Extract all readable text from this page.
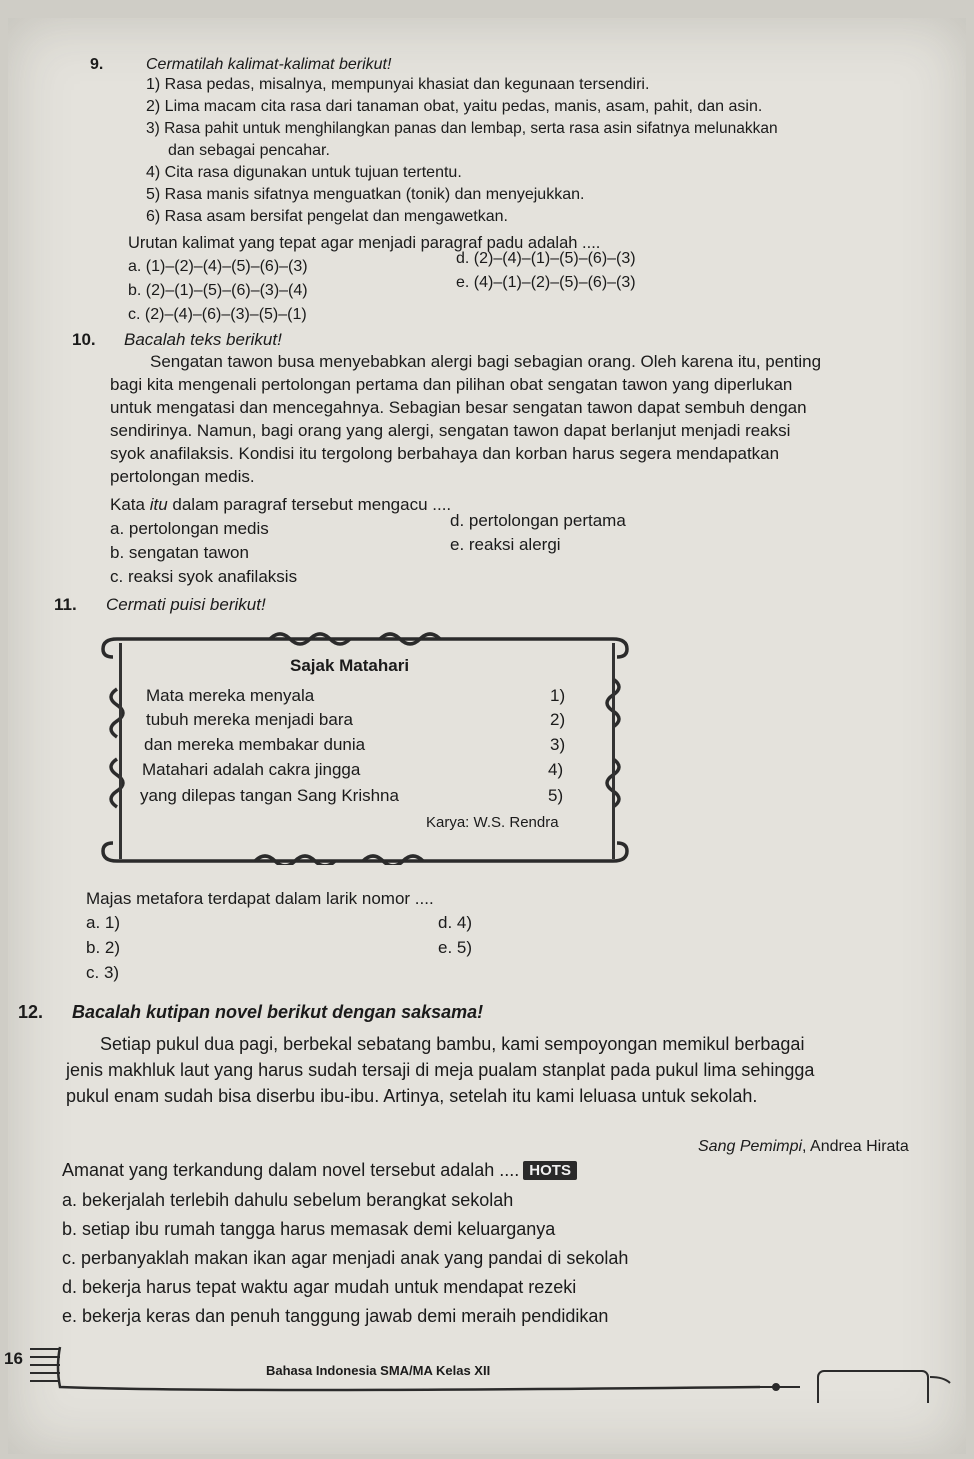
9.	Cermatilah kalimat-kalimat berikut!
1) Rasa pedas, misalnya, mempunyai khasiat dan kegunaan tersendiri.
2) Lima macam cita rasa dari tanaman obat, yaitu pedas, manis, asam, pahit, dan asin.
3) Rasa pahit untuk menghilangkan panas dan lembap, serta rasa asin sifatnya melunakkan
dan sebagai pencahar.
4) Cita rasa digunakan untuk tujuan tertentu.
5) Rasa manis sifatnya menguatkan (tonik) dan menyejukkan.
6) Rasa asam bersifat pengelat dan mengawetkan.
Urutan kalimat yang tepat agar menjadi paragraf padu adalah ....
a. (1)–(2)–(4)–(5)–(6)–(3)
b. (2)–(1)–(5)–(6)–(3)–(4)
c. (2)–(4)–(6)–(3)–(5)–(1)
d. (2)–(4)–(1)–(5)–(6)–(3)
e. (4)–(1)–(2)–(5)–(6)–(3)
10. Bacalah teks berikut!
Sengatan tawon busa menyebabkan alergi bagi sebagian orang. Oleh karena itu, penting
bagi kita mengenali pertolongan pertama dan pilihan obat sengatan tawon yang diperlukan
untuk mengatasi dan mencegahnya. Sebagian besar sengatan tawon dapat sembuh dengan
sendirinya. Namun, bagi orang yang alergi, sengatan tawon dapat berlanjut menjadi reaksi
syok anafilaksis. Kondisi itu tergolong berbahaya dan korban harus segera mendapatkan
pertolongan medis.
Kata itu dalam paragraf tersebut mengacu ....
a. pertolongan medis
b. sengatan tawon
c. reaksi syok anafilaksis
d. pertolongan pertama
e. reaksi alergi
11. Cermati puisi berikut!
Sajak Matahari
Mata mereka menyala	1)
tubuh mereka menjadi bara	2)
dan mereka membakar dunia	3)
Matahari adalah cakra jingga	4)
yang dilepas tangan Sang Krishna	5)
Karya: W.S. Rendra
Majas metafora terdapat dalam larik nomor ....
a. 1)
b. 2)
c. 3)
d. 4)
e. 5)
12. Bacalah kutipan novel berikut dengan saksama!
Setiap pukul dua pagi, berbekal sebatang bambu, kami sempoyongan memikul berbagai
jenis makhluk laut yang harus sudah tersaji di meja pualam stanplat pada pukul lima sehingga
pukul enam sudah bisa diserbu ibu-ibu. Artinya, setelah itu kami leluasa untuk sekolah.
Sang Pemimpi, Andrea Hirata
Amanat yang terkandung dalam novel tersebut adalah .... HOTS
a. bekerjalah terlebih dahulu sebelum berangkat sekolah
b. setiap ibu rumah tangga harus memasak demi keluarganya
c. perbanyaklah makan ikan agar menjadi anak yang pandai di sekolah
d. bekerja harus tepat waktu agar mudah untuk mendapat rezeki
e. bekerja keras dan penuh tanggung jawab demi meraih pendidikan
16
Bahasa Indonesia SMA/MA Kelas XII
